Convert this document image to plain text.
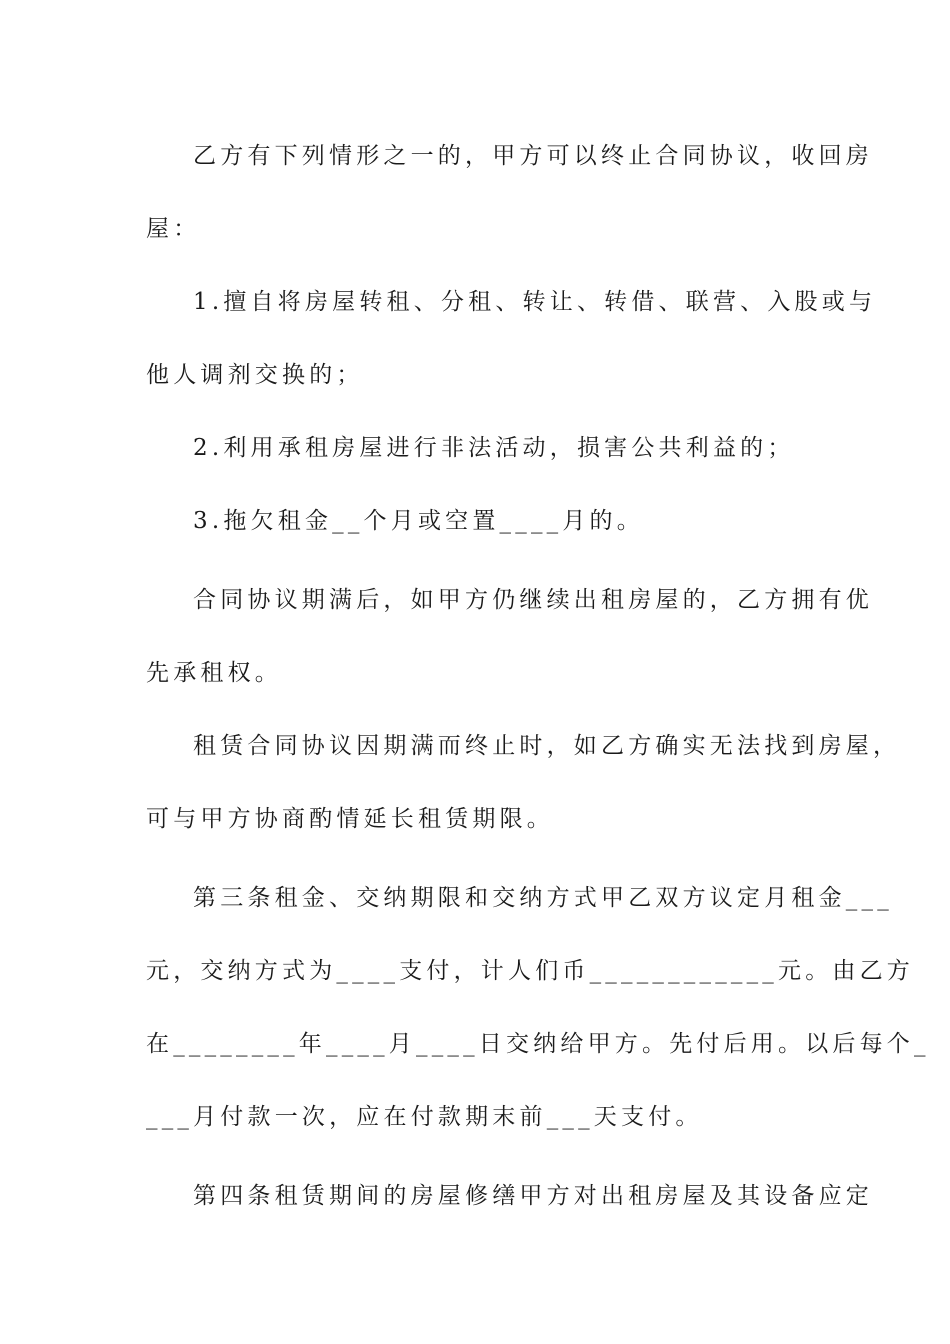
乙方有下列情形之一的，甲方可以终止合同协议，收回房
屋：
1.擅自将房屋转租、分租、转让、转借、联营、入股或与
他人调剂交换的；
2.利用承租房屋进行非法活动，损害公共利益的；
3.拖欠租金__个月或空置____月的。
合同协议期满后，如甲方仍继续出租房屋的，乙方拥有优
先承租权。
租赁合同协议因期满而终止时，如乙方确实无法找到房屋，
可与甲方协商酌情延长租赁期限。
第三条租金、交纳期限和交纳方式甲乙双方议定月租金___
元，交纳方式为____支付，计人们币____________元。由乙方
在________年____月____日交纳给甲方。先付后用。以后每个_
___月付款一次，应在付款期末前___天支付。
第四条租赁期间的房屋修缮甲方对出租房屋及其设备应定
